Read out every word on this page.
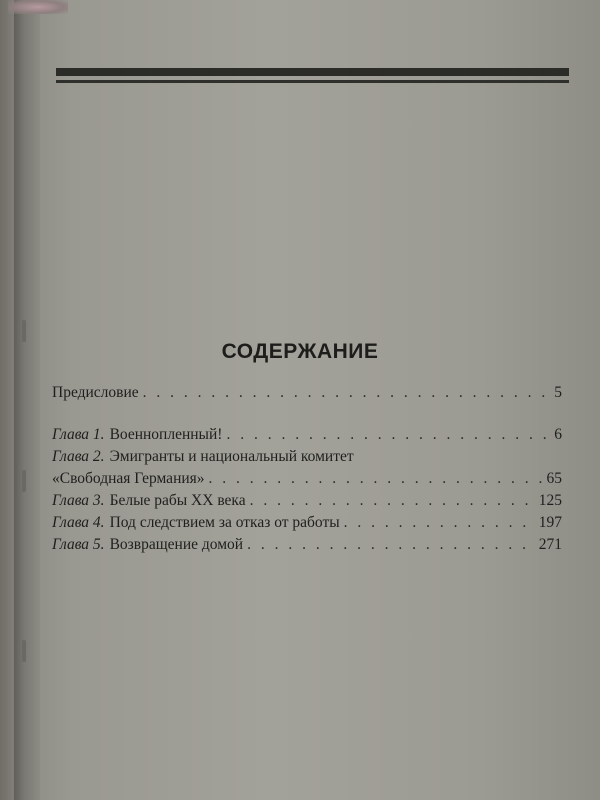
СОДЕРЖАНИЕ
Предисловие . . .	5
Глава 1. Военнопленный! . . .	6
Глава 2. Эмигранты и национальный комитет
«Свободная Германия» . . .	65
Глава 3. Белые рабы XX века . . .	125
Глава 4. Под следствием за отказ от работы . . .	197
Глава 5. Возвращение домой . . .	271
